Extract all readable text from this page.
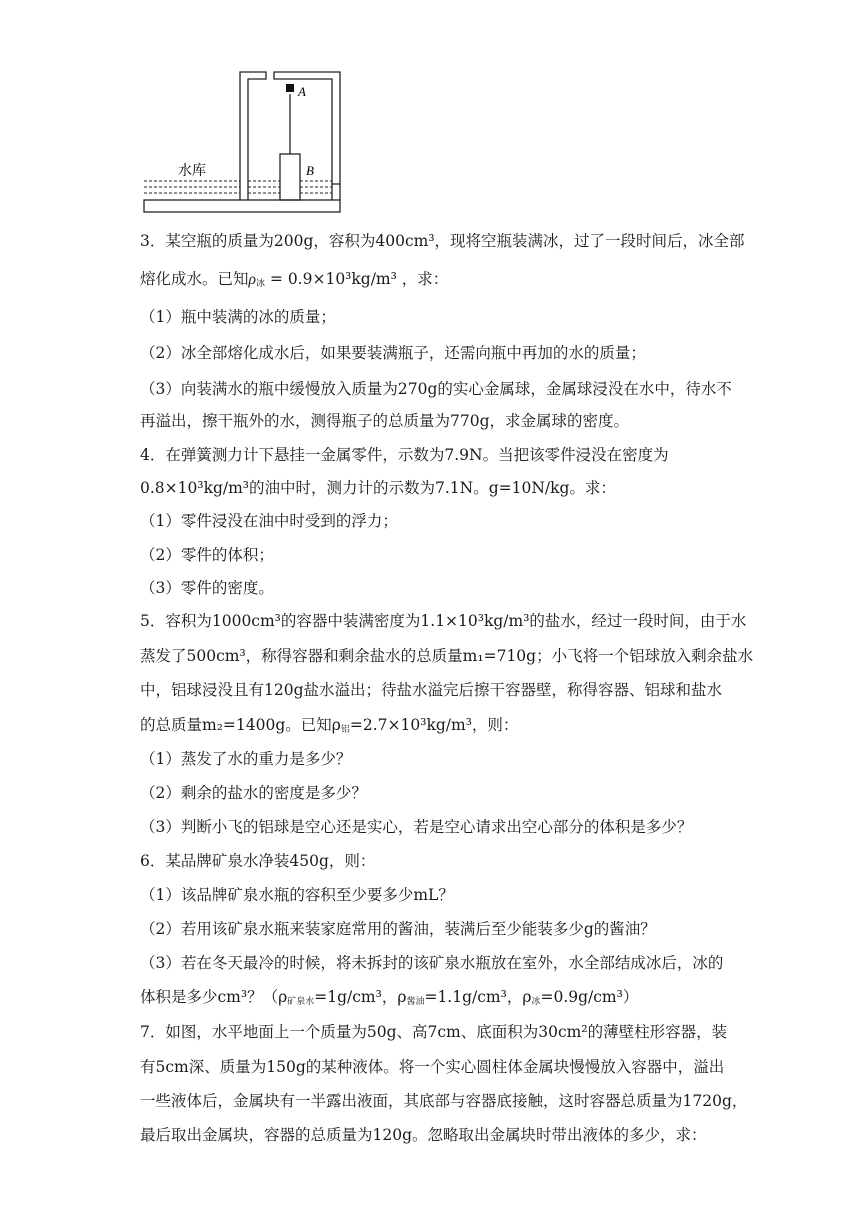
A
B
水库
3．某空瓶的质量为200g，容积为400cm³，现将空瓶装满冰，过了一段时间后，冰全部
熔化成水。已知$\rho_冰 = 0.9\times 10^3kg/m^3$ ，求：
（1）瓶中装满的冰的质量；
（2）冰全部熔化成水后，如果要装满瓶子，还需向瓶中再加的水的质量；
（3）向装满水的瓶中缓慢放入质量为270g的实心金属球，金属球浸没在水中，待水不
再溢出，擦干瓶外的水，测得瓶子的总质量为770g，求金属球的密度。
4．在弹簧测力计下悬挂一金属零件，示数为7.9N。当把该零件浸没在密度为
0.8×10³kg/m³的油中时，测力计的示数为7.1N。g=10N/kg。求：
（1）零件浸没在油中时受到的浮力；
（2）零件的体积；
（3）零件的密度。
5．容积为1000cm³的容器中装满密度为1.1×10³kg/m³的盐水，经过一段时间，由于水
蒸发了500cm³，称得容器和剩余盐水的总质量m₁=710g；小飞将一个铝球放入剩余盐水
中，铝球浸没且有120g盐水溢出；待盐水溢完后擦干容器壁，称得容器、铝球和盐水
的总质量m₂=1400g。已知$\rho_铝=2.7\times 10^3kg/m^3$，则：
（1）蒸发了水的重力是多少？
（2）剩余的盐水的密度是多少？
（3）判断小飞的铝球是空心还是实心，若是空心请求出空心部分的体积是多少？
6．某品牌矿泉水净装450g，则：
（1）该品牌矿泉水瓶的容积至少要多少mL？
（2）若用该矿泉水瓶来装家庭常用的酱油，装满后至少能装多少g的酱油？
（3）若在冬天最冷的时候，将未拆封的该矿泉水瓶放在室外，水全部结成冰后，冰的
体积是多少cm³？（$\rho_{矿泉水}=1g$/cm³，$\rho_{酱油}=1.1g$/cm³，$\rho_冰=0.9g/cm^3$）
7．如图，水平地面上一个质量为50g、高7cm、底面积为30cm²的薄壁柱形容器，装
有5cm深、质量为150g的某种液体。将一个实心圆柱体金属块慢慢放入容器中，溢出
一些液体后，金属块有一半露出液面，其底部与容器底接触，这时容器总质量为1720g，
最后取出金属块，容器的总质量为120g。忽略取出金属块时带出液体的多少，求：
